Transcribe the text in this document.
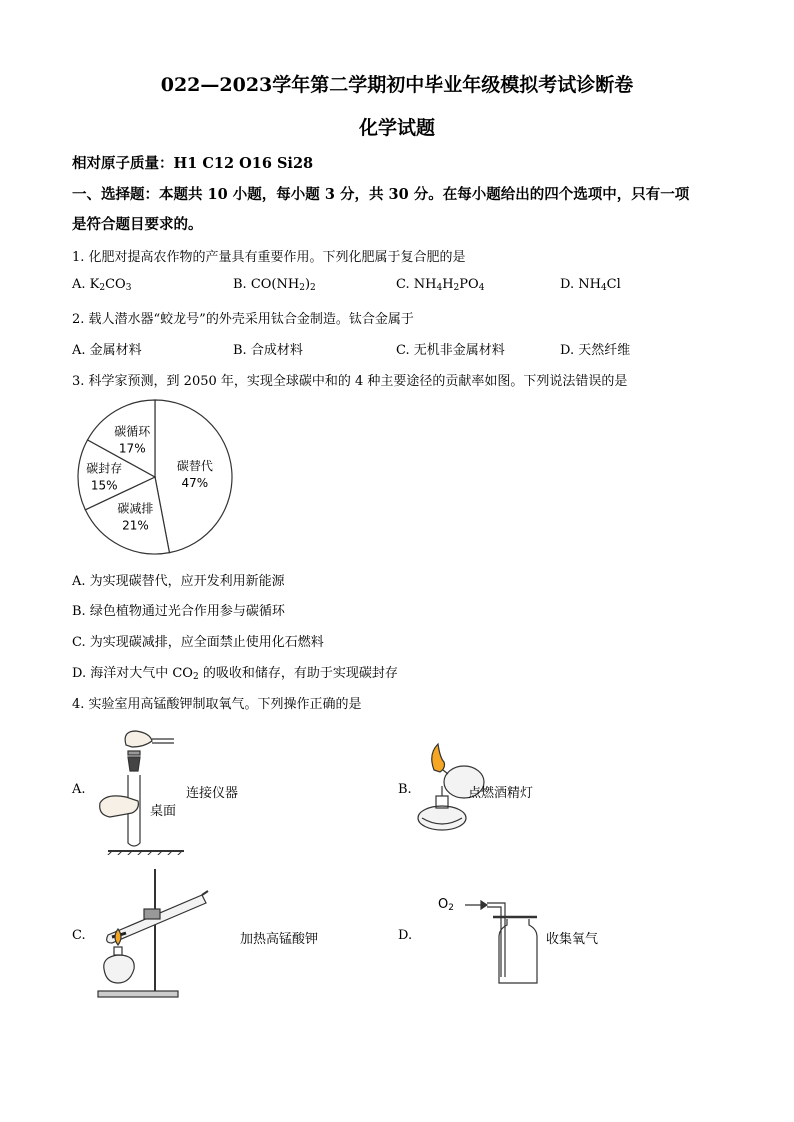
022—2023学年第二学期初中毕业年级模拟考试诊断卷
化学试题
相对原子质量：H1 C12 O16 Si28
一、选择题：本题共 10 小题，每小题 3 分，共 30 分。在每小题给出的四个选项中，只有一项
是符合题目要求的。
1. 化肥对提高农作物的产量具有重要作用。下列化肥属于复合肥的是
A. $K_2CO_3$	B. $CO(NH_2)_2$	C. $NH_4H_2PO_4$	D. $NH_4Cl$
2. 载人潜水器“蛟龙号”的外壳采用钛合金制造。钛合金属于
A. 金属材料	B. 合成材料	C. 无机非金属材料	D. 天然纤维
3. 科学家预测，到 2050 年，实现全球碳中和的 4 种主要途径的贡献率如图。下列说法错误的是
碳替代
47%
碳减排
21%
碳封存
15%
碳循环
17%
A. 为实现碳替代，应开发利用新能源
B. 绿色植物通过光合作用参与碳循环
C. 为实现碳减排，应全面禁止使用化石燃料
D. 海洋对大气中 $CO_2$ 的吸收和储存，有助于实现碳封存
4. 实验室用高锰酸钾制取氧气。下列操作正确的是
A.
桌面
连接仪器	B.	点燃酒精灯
C.	加热高锰酸钾	D.
$O_2$
收集氧气
